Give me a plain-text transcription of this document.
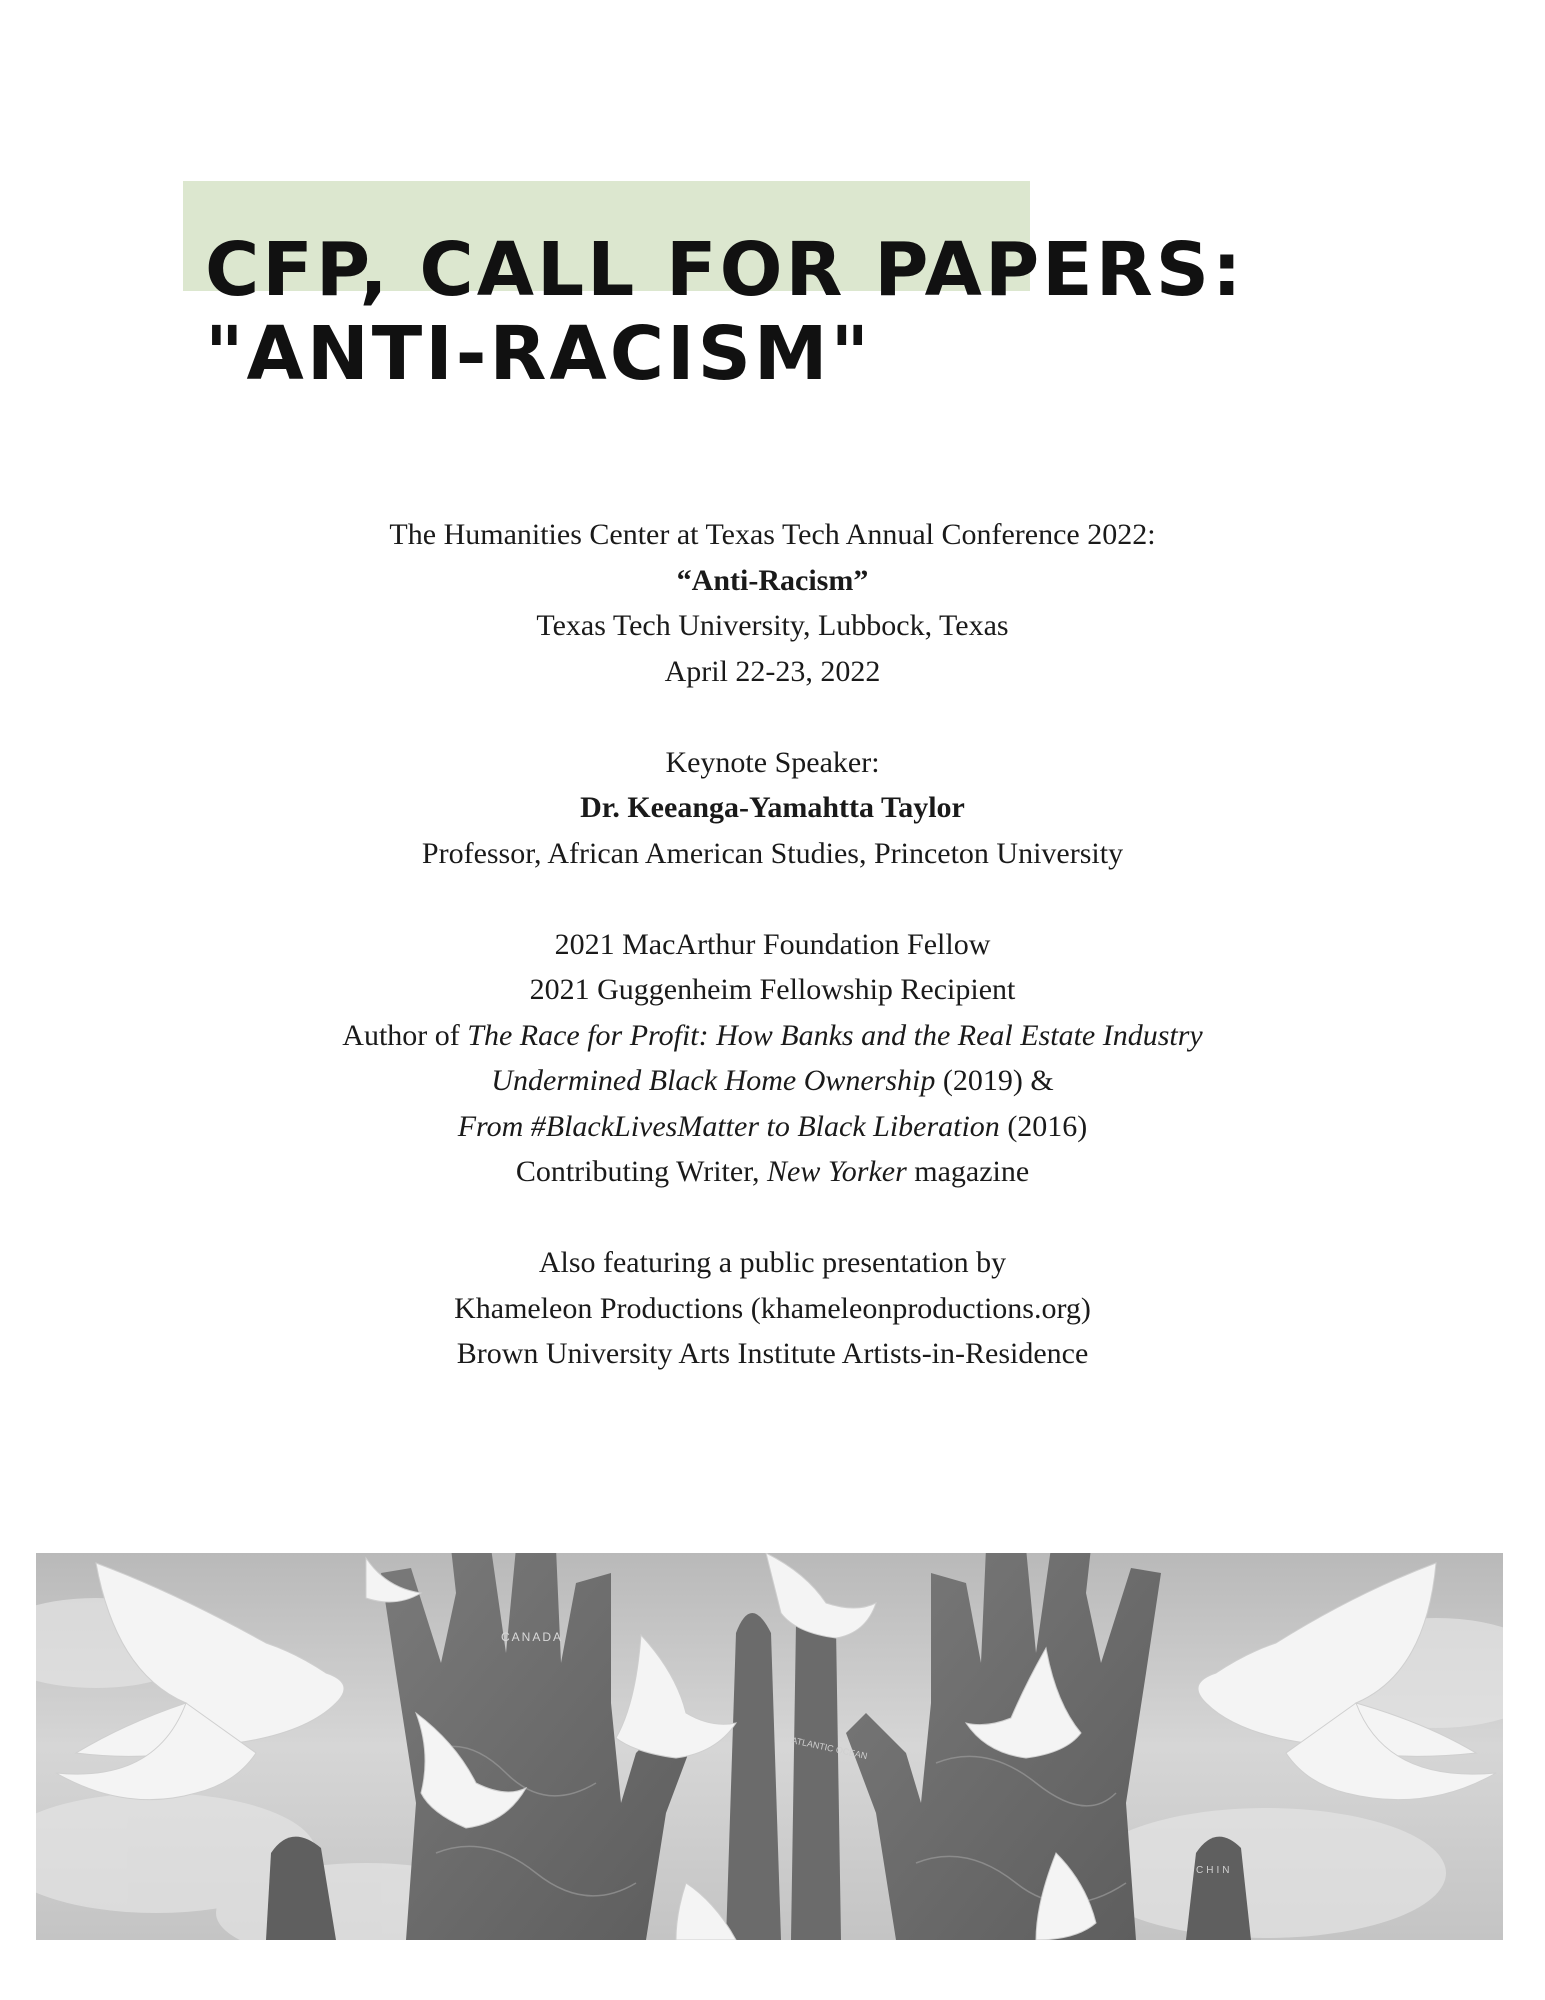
CFP, CALL FOR PAPERS:
"ANTI-RACISM"
The Humanities Center at Texas Tech Annual Conference 2022:
“Anti-Racism”
Texas Tech University, Lubbock, Texas
April 22-23, 2022
Keynote Speaker:
Dr. Keeanga-Yamahtta Taylor
Professor, African American Studies, Princeton University
2021 MacArthur Foundation Fellow
2021 Guggenheim Fellowship Recipient
Author of The Race for Profit: How Banks and the Real Estate Industry
Undermined Black Home Ownership (2019) &
From #BlackLivesMatter to Black Liberation (2016)
Contributing Writer, New Yorker magazine
Also featuring a public presentation by
Khameleon Productions (khameleonproductions.org)
Brown University Arts Institute Artists-in-Residence
CANADA
ATLANTIC OCEAN
CHIN
